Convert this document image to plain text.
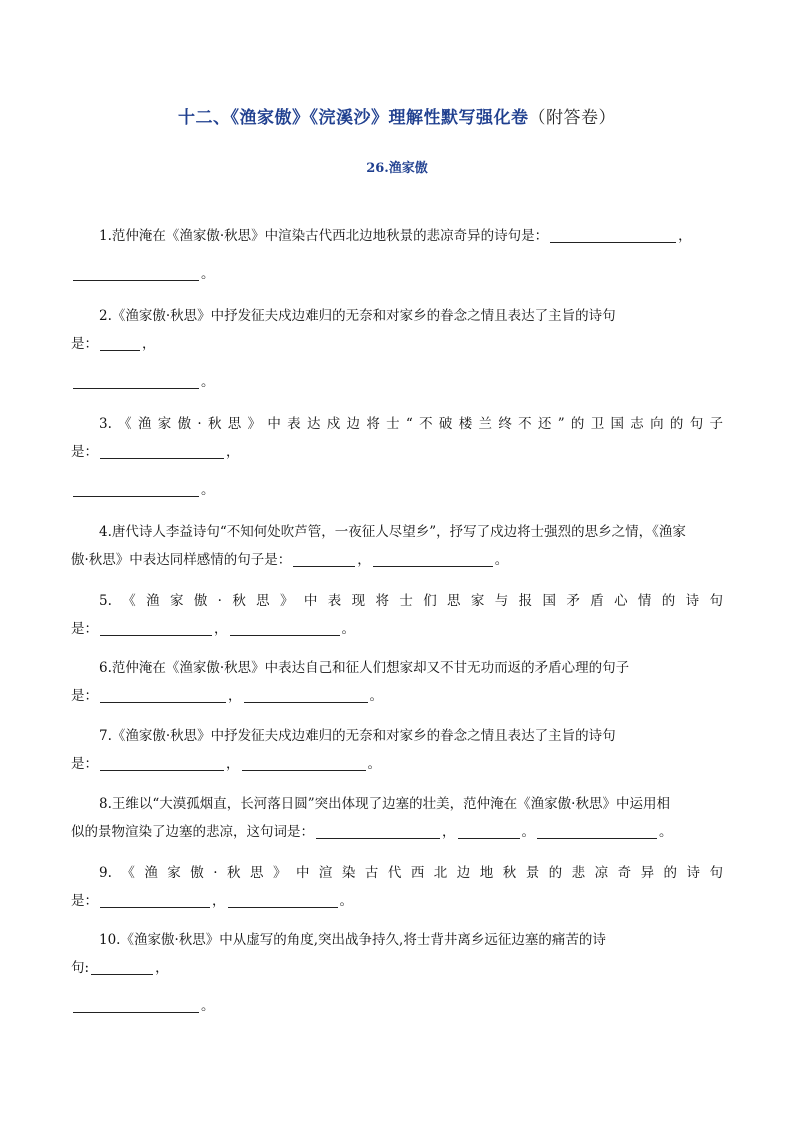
十二、《渔家傲》《浣溪沙》理解性默写强化卷（附答卷）
26.渔家傲
1.范仲淹在《渔家傲·秋思》中渲染古代西北边地秋景的悲凉奇异的诗句是：	，
。
2.《渔家傲·秋思》中抒发征夫戍边难归的无奈和对家乡的眷念之情且表达了主旨的诗句
是：	，
。
3.《渔家傲·秋思》中表达戍边将士“不破楼兰终不还”的卫国志向的句子
是：	，
。
4.唐代诗人李益诗句“不知何处吹芦管，一夜征人尽望乡”，抒写了戍边将士强烈的思乡之情，《渔家
傲·秋思》中表达同样感情的句子是：	，	。
5.《渔家傲·秋思》中表现将士们思家与报国矛盾心情的诗句
是：	，	。
6.范仲淹在《渔家傲·秋思》中表达自己和征人们想家却又不甘无功而返的矛盾心理的句子
是：	，	。
7.《渔家傲·秋思》中抒发征夫戍边难归的无奈和对家乡的眷念之情且表达了主旨的诗句
是：	，	。
8.王维以“大漠孤烟直，长河落日圆”突出体现了边塞的壮美，范仲淹在《渔家傲·秋思》中运用相
似的景物渲染了边塞的悲凉，这句词是：	，	。	。
9.《渔家傲·秋思》中渲染古代西北边地秋景的悲凉奇异的诗句
是：	，	。
10.《渔家傲·秋思》中从虚写的角度,突出战争持久,将士背井离乡远征边塞的痛苦的诗
句:	，
。
